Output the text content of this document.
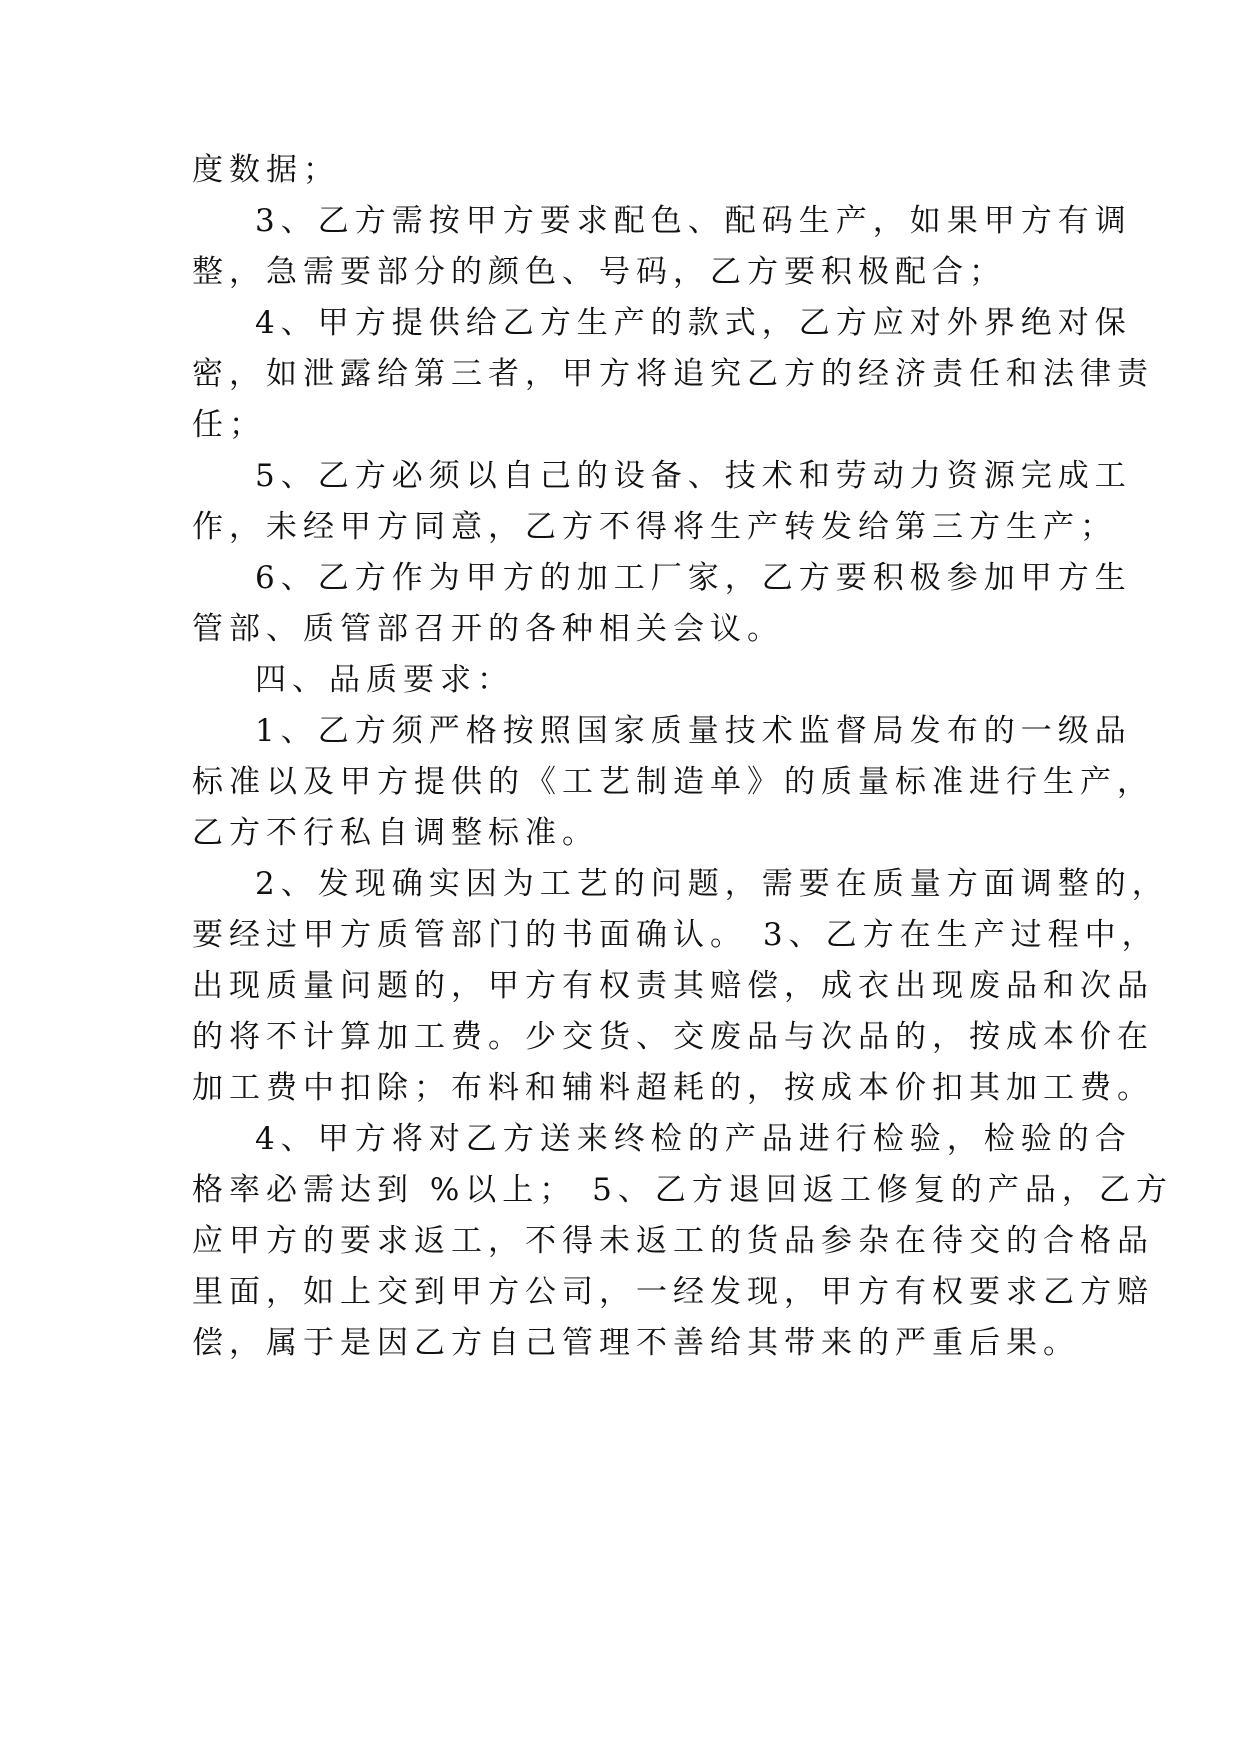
度数据；
3、乙方需按甲方要求配色、配码生产，如果甲方有调
整，急需要部分的颜色、号码，乙方要积极配合；
4、甲方提供给乙方生产的款式，乙方应对外界绝对保
密，如泄露给第三者，甲方将追究乙方的经济责任和法律责
任；
5、乙方必须以自己的设备、技术和劳动力资源完成工
作，未经甲方同意，乙方不得将生产转发给第三方生产；
6、乙方作为甲方的加工厂家，乙方要积极参加甲方生
管部、质管部召开的各种相关会议。
四、品质要求：
1、乙方须严格按照国家质量技术监督局发布的一级品
标准以及甲方提供的《工艺制造单》的质量标准进行生产，
乙方不行私自调整标准。
2、发现确实因为工艺的问题，需要在质量方面调整的，
要经过甲方质管部门的书面确认。 3、乙方在生产过程中，
出现质量问题的，甲方有权责其赔偿，成衣出现废品和次品
的将不计算加工费。少交货、交废品与次品的，按成本价在
加工费中扣除；布料和辅料超耗的，按成本价扣其加工费。
4、甲方将对乙方送来终检的产品进行检验，检验的合
格率必需达到 %以上； 5、乙方退回返工修复的产品，乙方
应甲方的要求返工，不得未返工的货品参杂在待交的合格品
里面，如上交到甲方公司，一经发现，甲方有权要求乙方赔
偿，属于是因乙方自己管理不善给其带来的严重后果。
